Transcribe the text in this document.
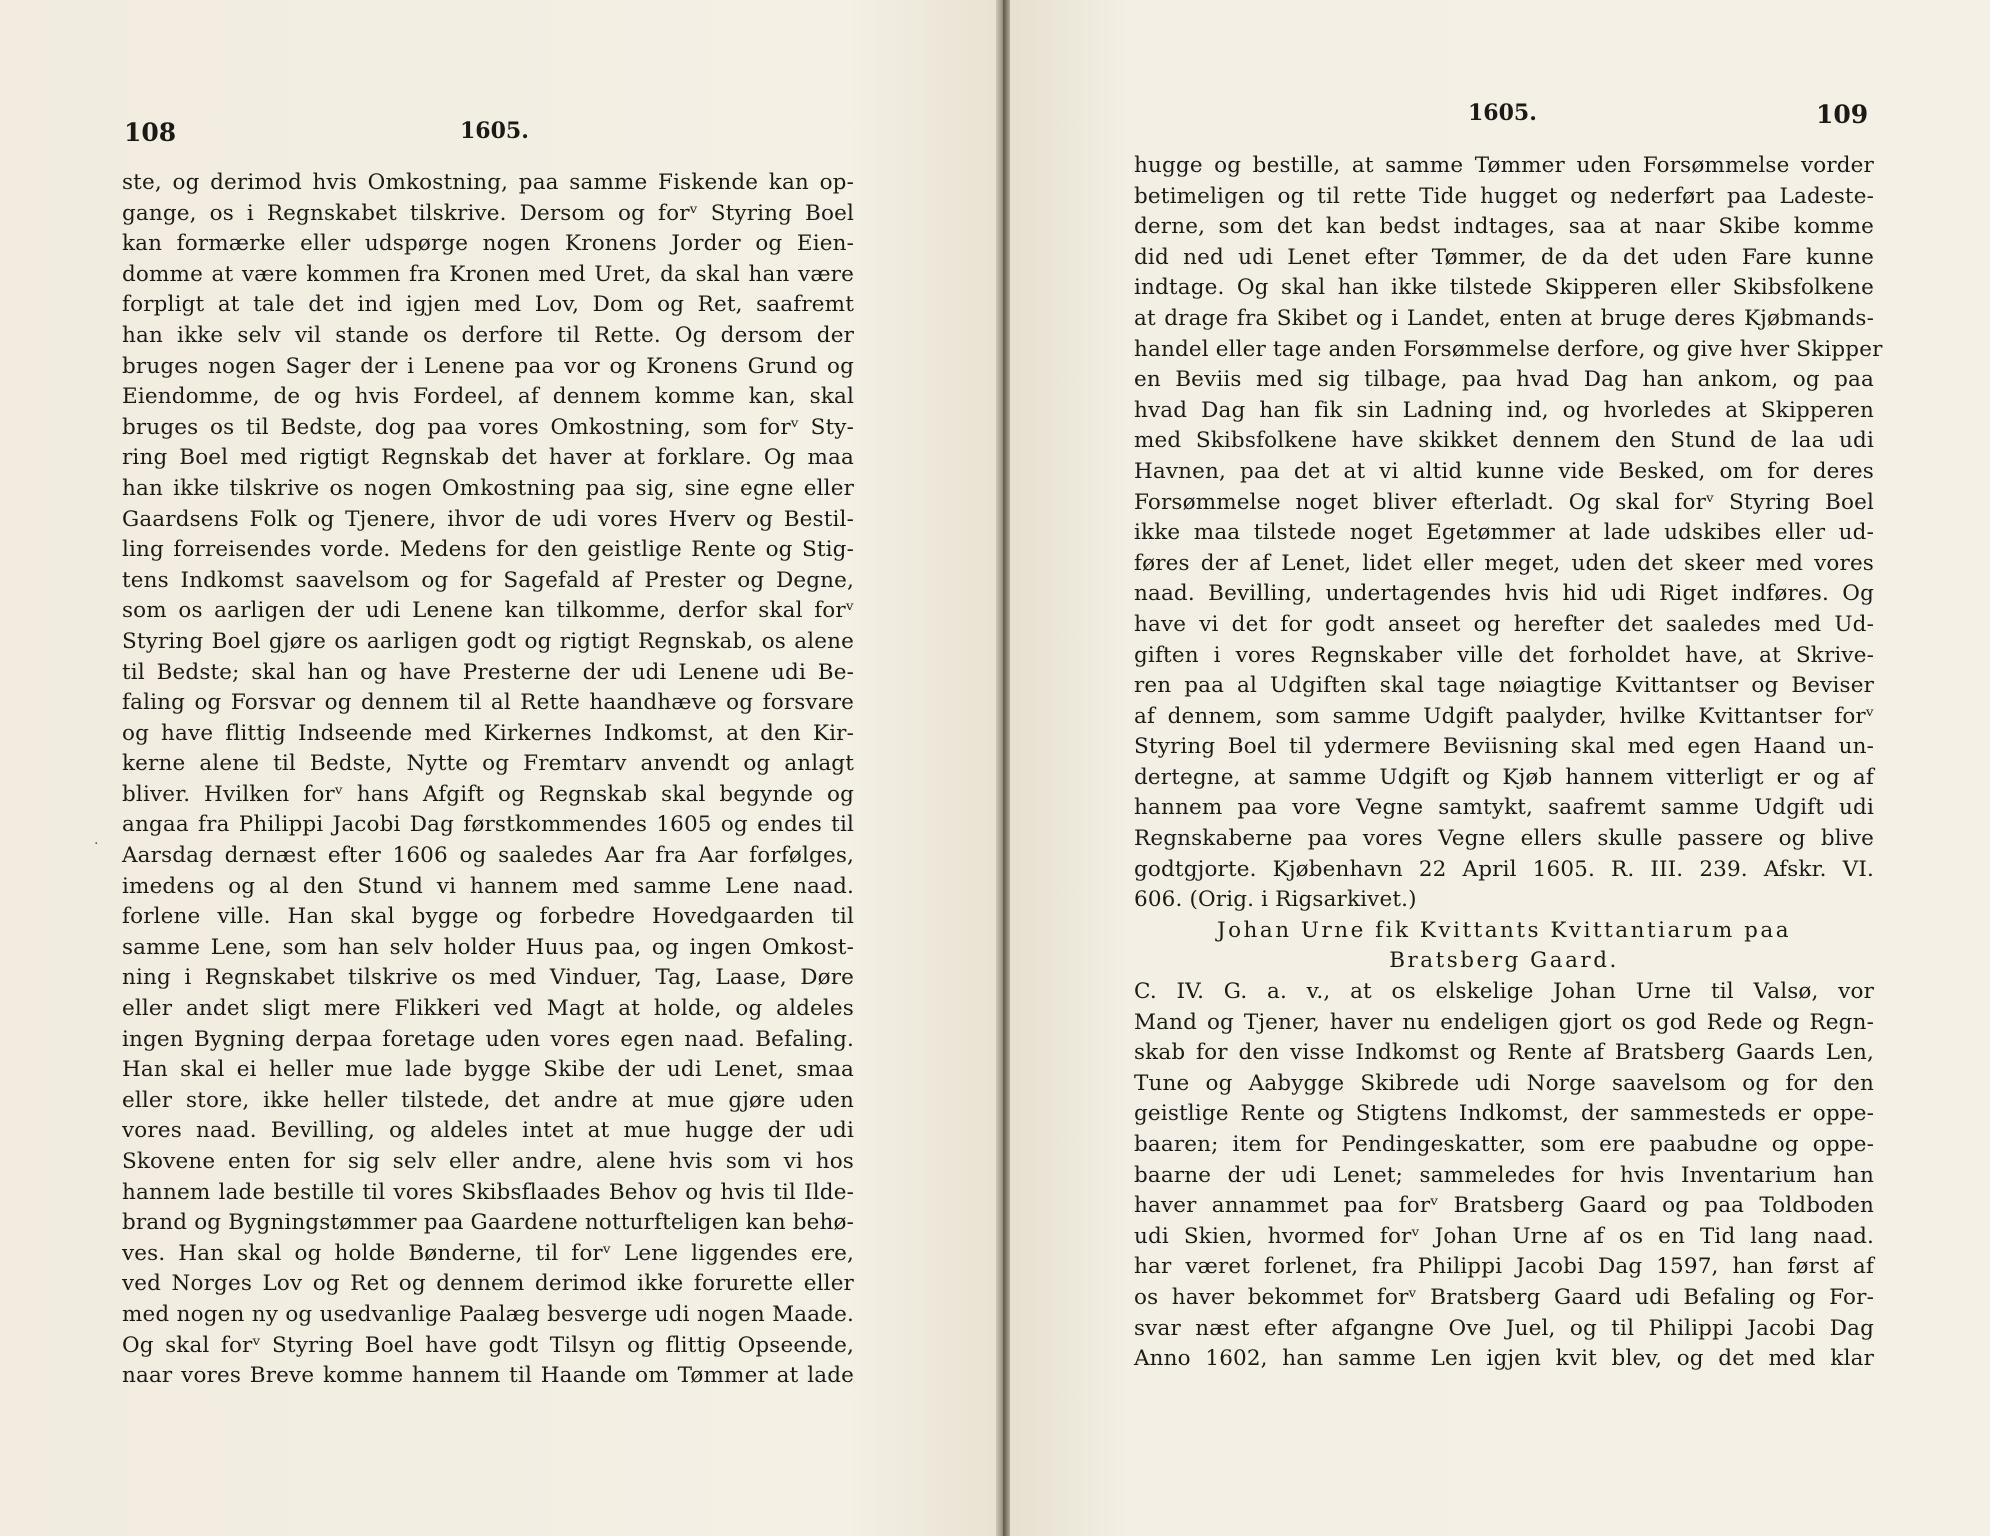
108	1605.
ste, og derimod hvis Omkostning, paa samme Fiskende kan op-
gange, os i Regnskabet tilskrive. Dersom og forᵛ Styring Boel
kan formærke eller udspørge nogen Kronens Jorder og Eien-
domme at være kommen fra Kronen med Uret, da skal han være
forpligt at tale det ind igjen med Lov, Dom og Ret, saafremt
han ikke selv vil stande os derfore til Rette. Og dersom der
bruges nogen Sager der i Lenene paa vor og Kronens Grund og
Eiendomme, de og hvis Fordeel, af dennem komme kan, skal
bruges os til Bedste, dog paa vores Omkostning, som forᵛ Sty-
ring Boel med rigtigt Regnskab det haver at forklare. Og maa
han ikke tilskrive os nogen Omkostning paa sig, sine egne eller
Gaardsens Folk og Tjenere, ihvor de udi vores Hverv og Bestil-
ling forreisendes vorde. Medens for den geistlige Rente og Stig-
tens Indkomst saavelsom og for Sagefald af Prester og Degne,
som os aarligen der udi Lenene kan tilkomme, derfor skal forᵛ
Styring Boel gjøre os aarligen godt og rigtigt Regnskab, os alene
til Bedste; skal han og have Presterne der udi Lenene udi Be-
faling og Forsvar og dennem til al Rette haandhæve og forsvare
og have flittig Indseende med Kirkernes Indkomst, at den Kir-
kerne alene til Bedste, Nytte og Fremtarv anvendt og anlagt
bliver. Hvilken forᵛ hans Afgift og Regnskab skal begynde og
angaa fra Philippi Jacobi Dag førstkommendes 1605 og endes til
Aarsdag dernæst efter 1606 og saaledes Aar fra Aar forfølges,
imedens og al den Stund vi hannem med samme Lene naad.
forlene ville. Han skal bygge og forbedre Hovedgaarden til
samme Lene, som han selv holder Huus paa, og ingen Omkost-
ning i Regnskabet tilskrive os med Vinduer, Tag, Laase, Døre
eller andet sligt mere Flikkeri ved Magt at holde, og aldeles
ingen Bygning derpaa foretage uden vores egen naad. Befaling.
Han skal ei heller mue lade bygge Skibe der udi Lenet, smaa
eller store, ikke heller tilstede, det andre at mue gjøre uden
vores naad. Bevilling, og aldeles intet at mue hugge der udi
Skovene enten for sig selv eller andre, alene hvis som vi hos
hannem lade bestille til vores Skibsflaades Behov og hvis til Ilde-
brand og Bygningstømmer paa Gaardene notturfteligen kan behø-
ves. Han skal og holde Bønderne, til forᵛ Lene liggendes ere,
ved Norges Lov og Ret og dennem derimod ikke forurette eller
med nogen ny og usedvanlige Paalæg besverge udi nogen Maade.
Og skal forᵛ Styring Boel have godt Tilsyn og flittig Opseende,
naar vores Breve komme hannem til Haande om Tømmer at lade
.
1605.	109
hugge og bestille, at samme Tømmer uden Forsømmelse vorder
betimeligen og til rette Tide hugget og nederført paa Ladeste-
derne, som det kan bedst indtages, saa at naar Skibe komme
did ned udi Lenet efter Tømmer, de da det uden Fare kunne
indtage. Og skal han ikke tilstede Skipperen eller Skibsfolkene
at drage fra Skibet og i Landet, enten at bruge deres Kjøbmands-
handel eller tage anden Forsømmelse derfore, og give hver Skipper
en Beviis med sig tilbage, paa hvad Dag han ankom, og paa
hvad Dag han fik sin Ladning ind, og hvorledes at Skipperen
med Skibsfolkene have skikket dennem den Stund de laa udi
Havnen, paa det at vi altid kunne vide Besked, om for deres
Forsømmelse noget bliver efterladt. Og skal forᵛ Styring Boel
ikke maa tilstede noget Egetømmer at lade udskibes eller ud-
føres der af Lenet, lidet eller meget, uden det skeer med vores
naad. Bevilling, undertagendes hvis hid udi Riget indføres. Og
have vi det for godt anseet og herefter det saaledes med Ud-
giften i vores Regnskaber ville det forholdet have, at Skrive-
ren paa al Udgiften skal tage nøiagtige Kvittantser og Beviser
af dennem, som samme Udgift paalyder, hvilke Kvittantser forᵛ
Styring Boel til ydermere Beviisning skal med egen Haand un-
dertegne, at samme Udgift og Kjøb hannem vitterligt er og af
hannem paa vore Vegne samtykt, saafremt samme Udgift udi
Regnskaberne paa vores Vegne ellers skulle passere og blive
godtgjorte. Kjøbenhavn 22 April 1605. R. III. 239. Afskr. VI.
606. (Orig. i Rigsarkivet.)
Johan Urne fik Kvittants Kvittantiarum paa
Bratsberg Gaard.
C. IV. G. a. v., at os elskelige Johan Urne til Valsø, vor
Mand og Tjener, haver nu endeligen gjort os god Rede og Regn-
skab for den visse Indkomst og Rente af Bratsberg Gaards Len,
Tune og Aabygge Skibrede udi Norge saavelsom og for den
geistlige Rente og Stigtens Indkomst, der sammesteds er oppe-
baaren; item for Pendingeskatter, som ere paabudne og oppe-
baarne der udi Lenet; sammeledes for hvis Inventarium han
haver annammet paa forᵛ Bratsberg Gaard og paa Toldboden
udi Skien, hvormed forᵛ Johan Urne af os en Tid lang naad.
har været forlenet, fra Philippi Jacobi Dag 1597, han først af
os haver bekommet forᵛ Bratsberg Gaard udi Befaling og For-
svar næst efter afgangne Ove Juel, og til Philippi Jacobi Dag
Anno 1602, han samme Len igjen kvit blev, og det med klar
